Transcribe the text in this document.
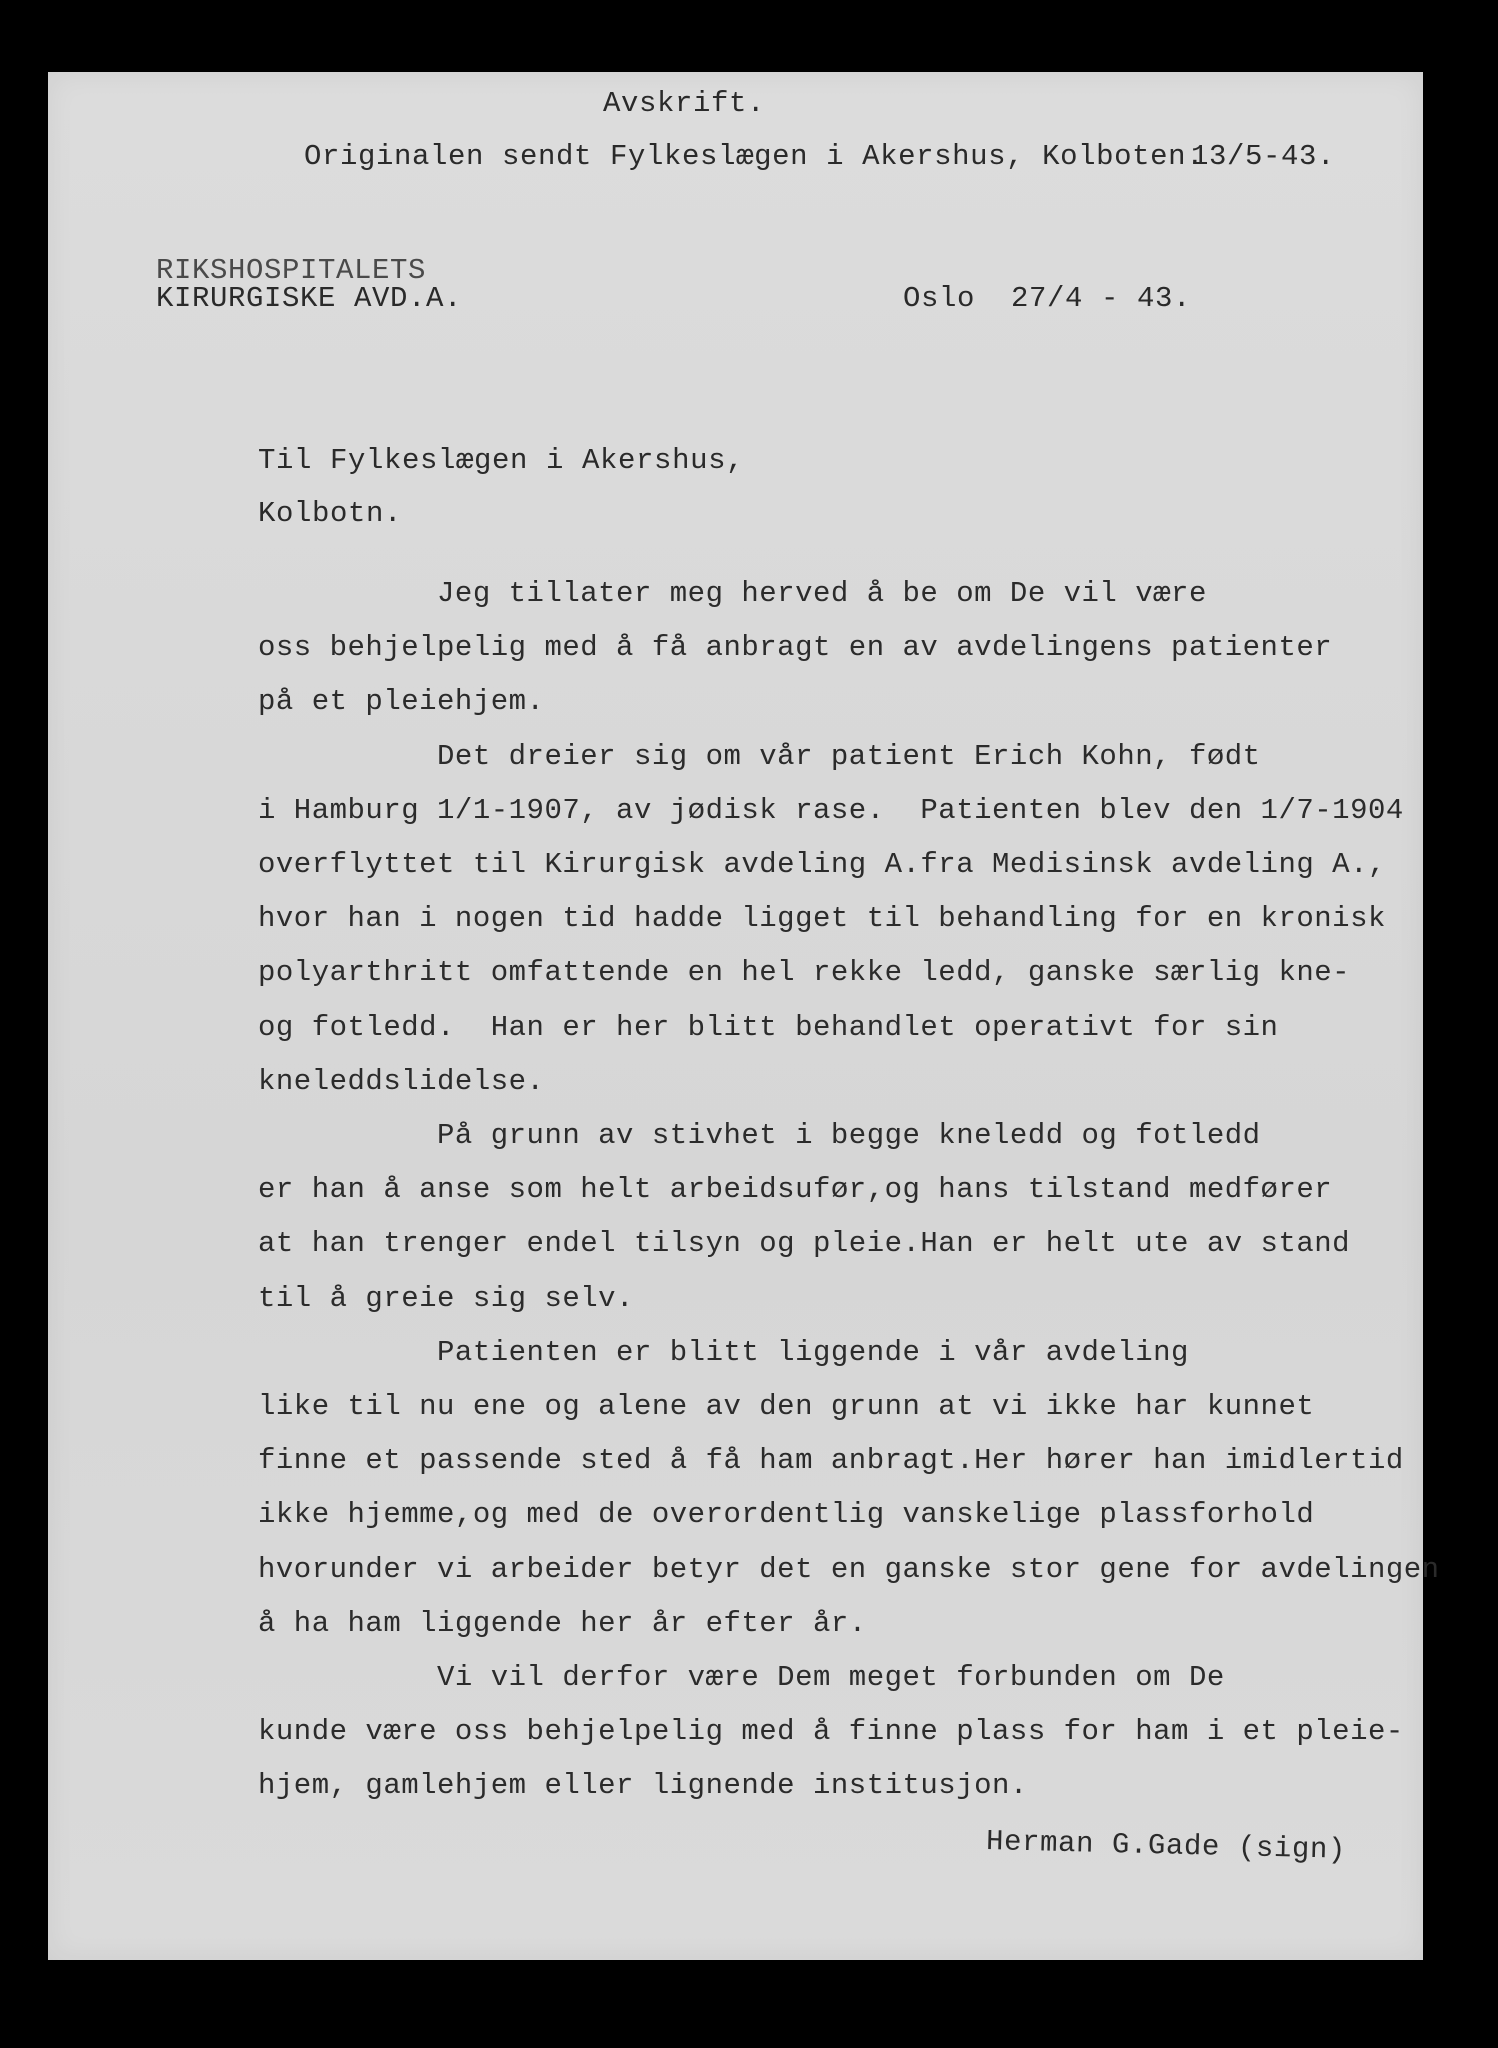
Avskrift.

Originalen sendt Fylkeslægen i Akershus, Kolboten.

13/5-43.

RIKSHOSPITALETS

KIRURGISKE AVD.A.	Oslo  27/4 - 43.

Til Fylkeslægen i Akershus,

Kolbotn.

Jeg tillater meg herved å be om De vil være

oss behjelpelig med å få anbragt en av avdelingens patienter

på et pleiehjem.

Det dreier sig om vår patient Erich Kohn, født

i Hamburg 1/1-1907, av jødisk rase.  Patienten blev den 1/7-1904

overflyttet til Kirurgisk avdeling A.fra Medisinsk avdeling A.,

hvor han i nogen tid hadde ligget til behandling for en kronisk

polyarthritt omfattende en hel rekke ledd, ganske særlig kne-

og fotledd.  Han er her blitt behandlet operativt for sin

kneleddslidelse.

På grunn av stivhet i begge kneledd og fotledd

er han å anse som helt arbeidsufør,og hans tilstand medfører

at han trenger endel tilsyn og pleie.Han er helt ute av stand

til å greie sig selv.

Patienten er blitt liggende i vår avdeling

like til nu ene og alene av den grunn at vi ikke har kunnet

finne et passende sted å få ham anbragt.Her hører han imidlertid

ikke hjemme,og med de overordentlig vanskelige plassforhold

hvorunder vi arbeider betyr det en ganske stor gene for avdelingen

å ha ham liggende her år efter år.

Vi vil derfor være Dem meget forbunden om De

kunde være oss behjelpelig med å finne plass for ham i et pleie-

hjem, gamlehjem eller lignende institusjon.

Herman G.Gade (sign)
